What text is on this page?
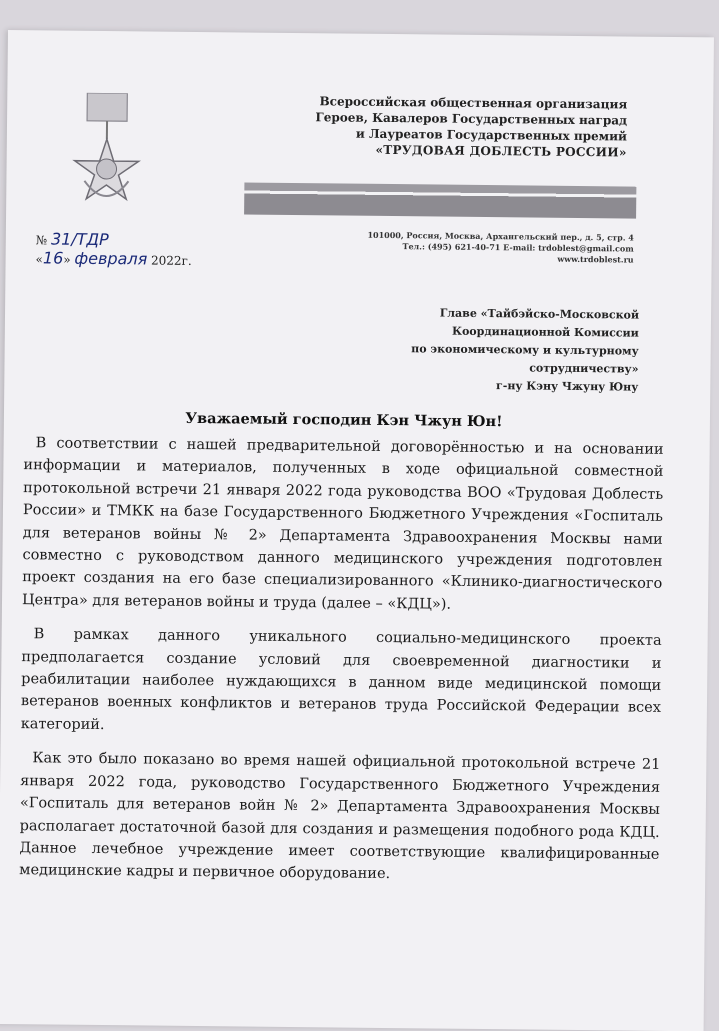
Всероссийская общественная организация
Героев, Кавалеров Государственных наград
и Лауреатов Государственных премий
«ТРУДОВАЯ ДОБЛЕСТЬ РОССИИ»
101000, Россия, Москва, Архангельский пер., д. 5, стр. 4
Тел.: (495) 621-40-71 E-mail: trdoblest@gmail.com
www.trdoblest.ru
№ 31/ТДР
«16» февраля 2022г.
Главе «Тайбэйско-Московской
Координационной Комиссии
по экономическому и культурному сотрудничеству»
г-ну Кэну Чжуну Юну
Уважаемый господин Кэн Чжун Юн!

В соответствии с нашей предварительной договорённостью и на основании информации и материалов, полученных в ходе официальной совместной протокольной встречи 21 января 2022 года руководства ВОО «Трудовая Доблесть России» и ТМКК на базе Государственного Бюджетного Учреждения «Госпиталь для ветеранов войны № 2» Департамента Здравоохранения Москвы нами совместно с руководством данного медицинского учреждения подготовлен проект создания на его базе специализированного «Клинико-диагностического Центра» для ветеранов войны и труда (далее – «КДЦ»).

В рамках данного уникального социально-медицинского проекта предполагается создание условий для своевременной диагностики и реабилитации наиболее нуждающихся в данном виде медицинской помощи ветеранов военных конфликтов и ветеранов труда Российской Федерации всех категорий.

Как это было показано во время нашей официальной протокольной встрече 21 января 2022 года, руководство Государственного Бюджетного Учреждения «Госпиталь для ветеранов войн № 2» Департамента Здравоохранения Москвы располагает достаточной базой для создания и размещения подобного рода КДЦ. Данное лечебное учреждение имеет соответствующие квалифицированные медицинские кадры и первичное оборудование.
